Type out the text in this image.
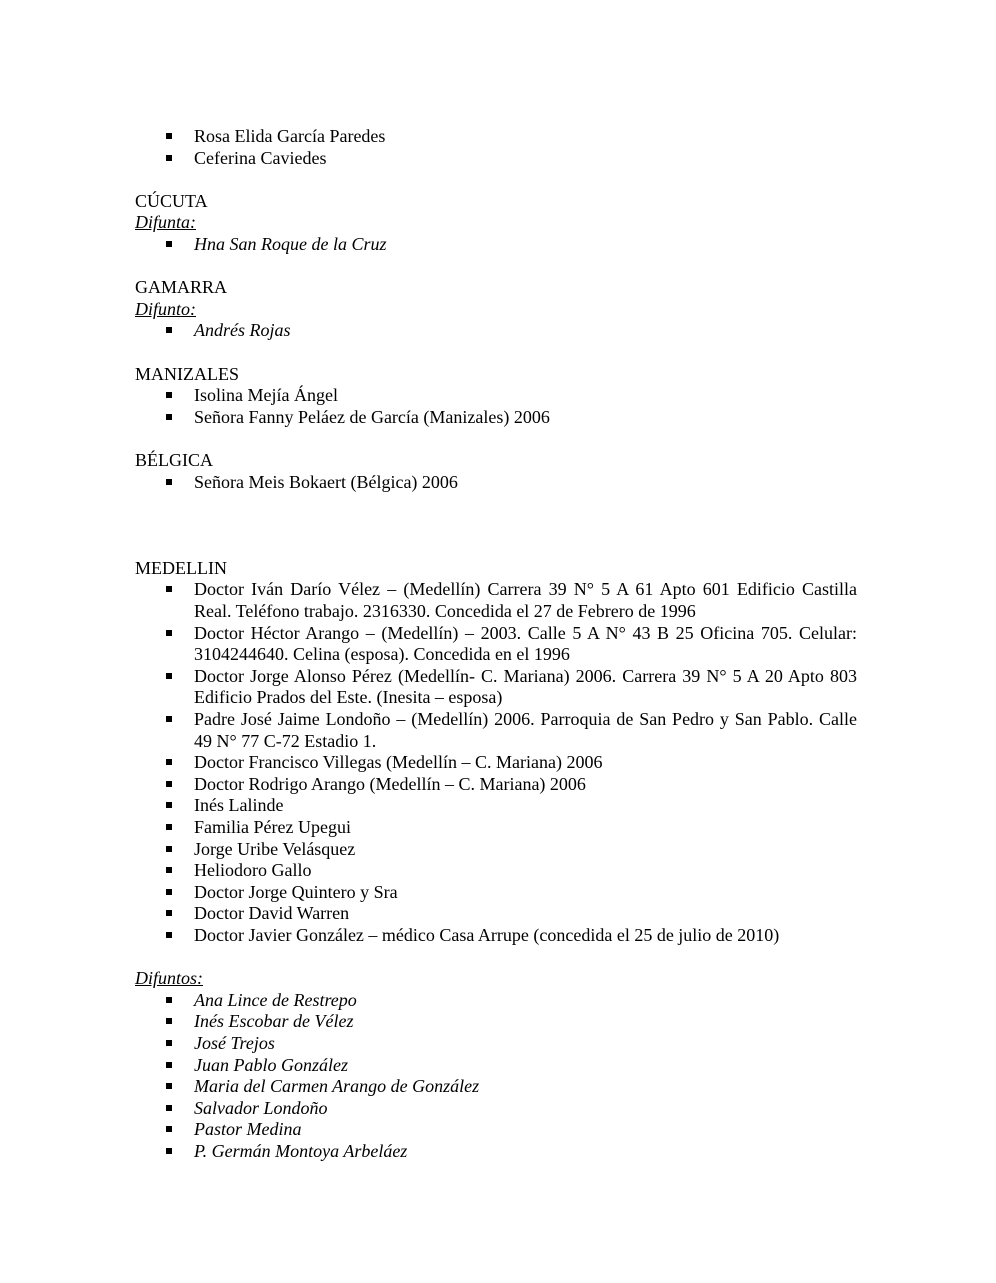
Rosa Elida García Paredes
Ceferina Caviedes
CÚCUTA
Difunta:
Hna San Roque de la Cruz
GAMARRA
Difunto:
Andrés Rojas
MANIZALES
Isolina Mejía Ángel
Señora Fanny Peláez de García (Manizales) 2006
BÉLGICA
Señora Meis Bokaert (Bélgica) 2006
MEDELLIN
Doctor Iván Darío Vélez – (Medellín) Carrera 39 N° 5 A 61 Apto 601 Edificio Castilla Real. Teléfono trabajo. 2316330. Concedida el 27 de Febrero de 1996
Doctor Héctor Arango – (Medellín) – 2003. Calle 5 A N° 43 B 25 Oficina 705. Celular: 3104244640. Celina (esposa). Concedida en el 1996
Doctor Jorge Alonso Pérez (Medellín- C. Mariana) 2006. Carrera 39 N° 5 A 20 Apto 803 Edificio Prados del Este. (Inesita – esposa)
Padre José Jaime Londoño – (Medellín) 2006. Parroquia de San Pedro y San Pablo. Calle 49 N° 77 C-72 Estadio 1.
Doctor Francisco Villegas (Medellín – C. Mariana) 2006
Doctor Rodrigo Arango (Medellín – C. Mariana) 2006
Inés Lalinde
Familia Pérez Upegui
Jorge Uribe Velásquez
Heliodoro Gallo
Doctor Jorge Quintero y Sra
Doctor David Warren
Doctor Javier González – médico Casa Arrupe (concedida el 25 de julio de 2010)
Difuntos:
Ana Lince de Restrepo
Inés Escobar de Vélez
José Trejos
Juan Pablo González
Maria del Carmen Arango de González
Salvador Londoño
Pastor Medina
P. Germán Montoya Arbeláez
